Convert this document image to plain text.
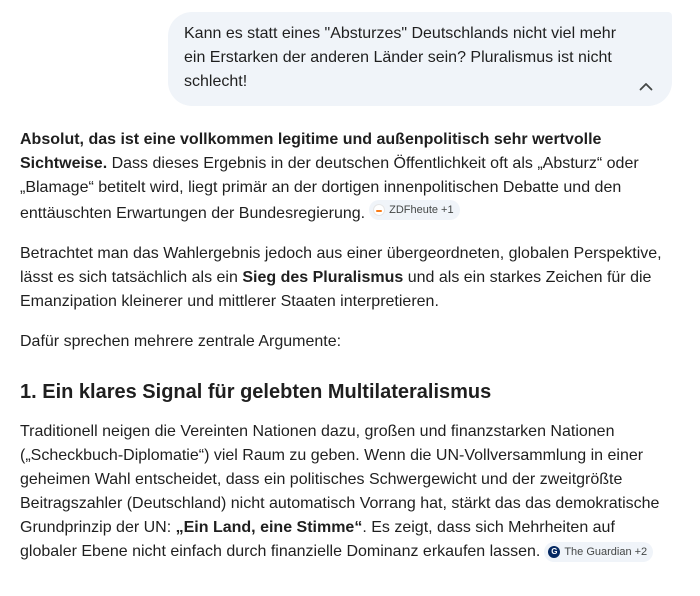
Kann es statt eines "Absturzes" Deutschlands nicht viel mehr
ein Erstarken der anderen Länder sein? Pluralismus ist nicht
schlecht!

Absolut, das ist eine vollkommen legitime und außenpolitisch sehr wertvolle Sichtweise. Dass dieses Ergebnis in der deutschen Öffentlichkeit oft als „Absturz“ oder „Blamage“ betitelt wird, liegt primär an der dortigen innenpolitischen Debatte und den enttäuschten Erwartungen der Bundesregierung. ZDFheute +1

Betrachtet man das Wahlergebnis jedoch aus einer übergeordneten, globalen Perspektive, lässt es sich tatsächlich als ein Sieg des Pluralismus und als ein starkes Zeichen für die Emanzipation kleinerer und mittlerer Staaten interpretieren.

Dafür sprechen mehrere zentrale Argumente:

1. Ein klares Signal für gelebten Multilateralismus

Traditionell neigen die Vereinten Nationen dazu, großen und finanzstarken Nationen („Scheckbuch-Diplomatie“) viel Raum zu geben. Wenn die UN-Vollversammlung in einer geheimen Wahl entscheidet, dass ein politisches Schwergewicht und der zweitgrößte Beitragszahler (Deutschland) nicht automatisch Vorrang hat, stärkt das das demokratische Grundprinzip der UN: „Ein Land, eine Stimme“. Es zeigt, dass sich Mehrheiten auf globaler Ebene nicht einfach durch finanzielle Dominanz erkaufen lassen.	G The Guardian +2
